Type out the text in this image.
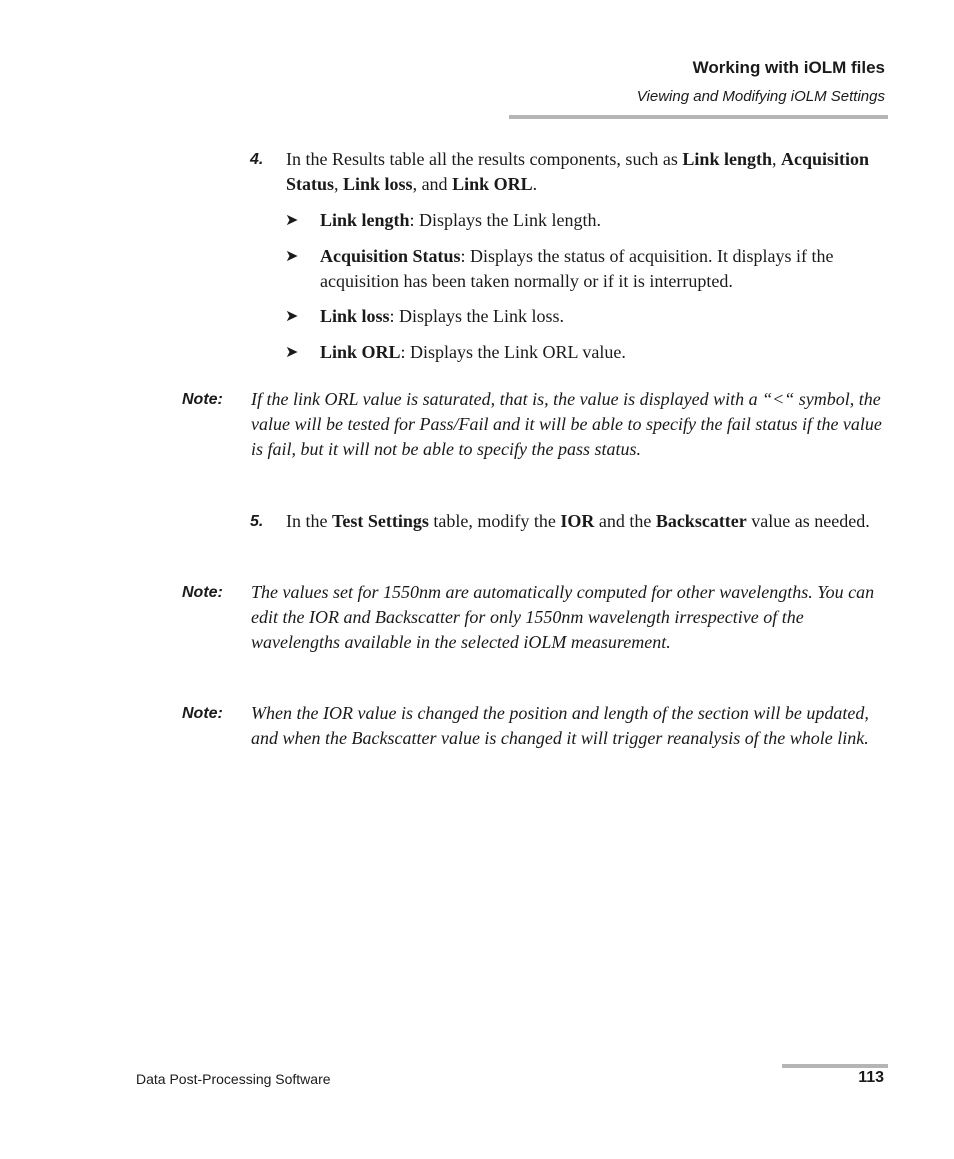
Working with iOLM files
Viewing and Modifying iOLM Settings
4. In the Results table all the results components, such as Link length, Acquisition Status, Link loss, and Link ORL.
➤ Link length: Displays the Link length.
➤ Acquisition Status: Displays the status of acquisition. It displays if the acquisition has been taken normally or if it is interrupted.
➤ Link loss: Displays the Link loss.
➤ Link ORL: Displays the Link ORL value.
Note: If the link ORL value is saturated, that is, the value is displayed with a “<“ symbol, the value will be tested for Pass/Fail and it will be able to specify the fail status if the value is fail, but it will not be able to specify the pass status.
5. In the Test Settings table, modify the IOR and the Backscatter value as needed.
Note: The values set for 1550nm are automatically computed for other wavelengths. You can edit the IOR and Backscatter for only 1550nm wavelength irrespective of the wavelengths available in the selected iOLM measurement.
Note: When the IOR value is changed the position and length of the section will be updated, and when the Backscatter value is changed it will trigger reanalysis of the whole link.
Data Post-Processing Software	113
